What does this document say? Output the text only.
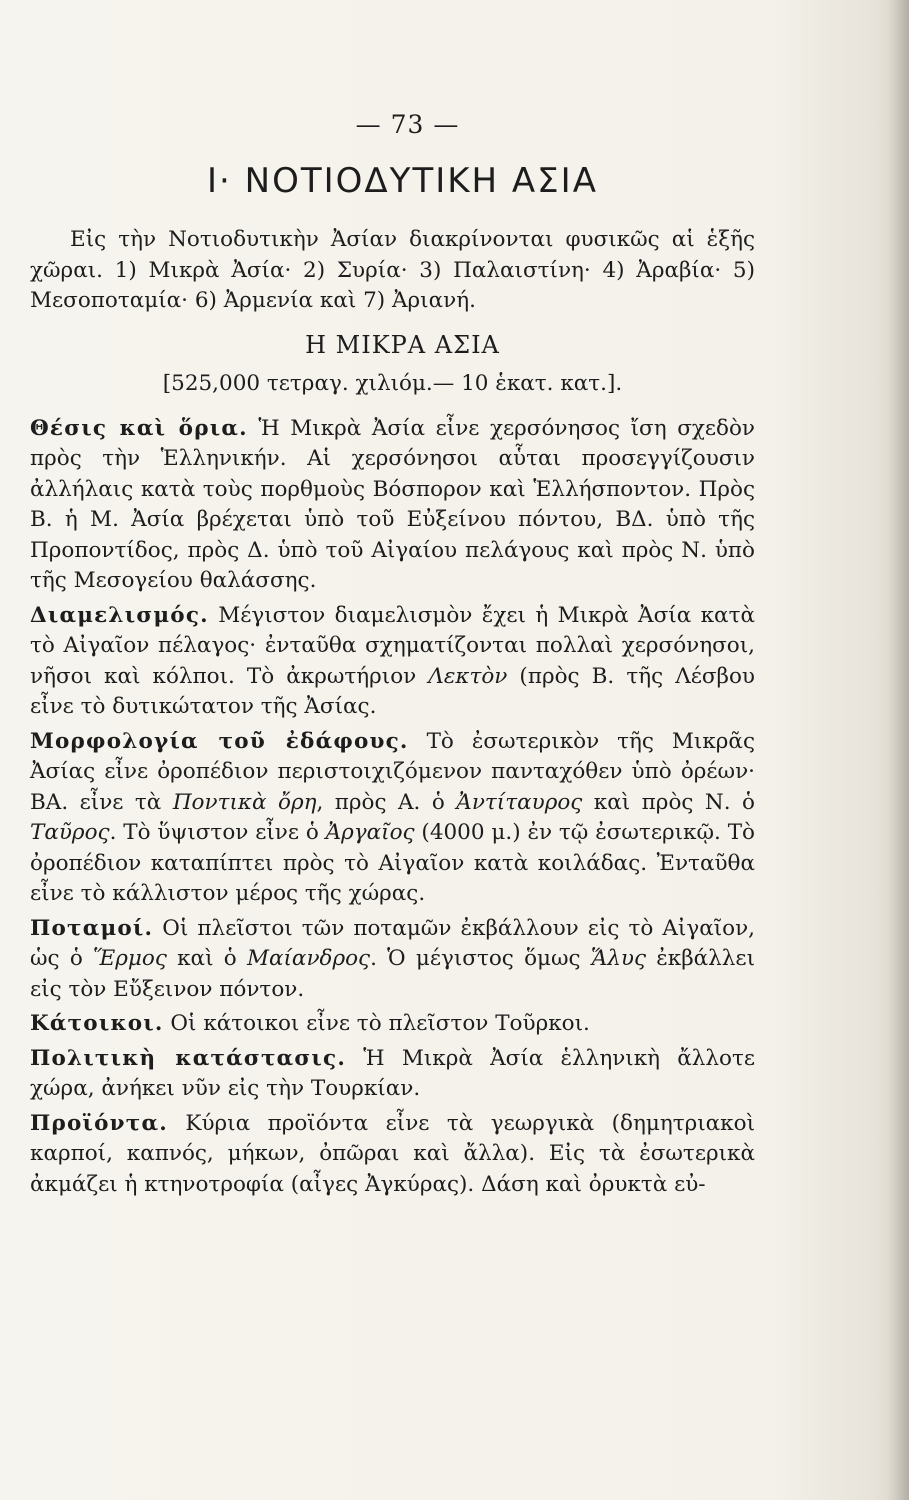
— 73 —
I· ΝΟΤΙΟΔΥΤΙΚΗ ΑΣΙΑ

Εἰς τὴν Νοτιοδυτικὴν Ἀσίαν διακρίνονται φυσικῶς αἱ ἑξῆς χῶραι. 1) Μικρὰ Ἀσία· 2) Συρία· 3) Παλαιστίνη· 4) Ἀραβία· 5) Μεσοποταμία· 6) Ἀρμενία καὶ 7) Ἀριανή.

Η ΜΙΚΡΑ ΑΣΙΑ
[525,000 τετραγ. χιλιόμ.— 10 ἑκατ. κατ.].

Θέσις καὶ ὅρια. Ἡ Μικρὰ Ἀσία εἶνε χερσόνησος ἴση σχεδὸν πρὸς τὴν Ἑλληνικήν. Αἱ χερσόνησοι αὗται προσεγγίζουσιν ἀλλήλαις κατὰ τοὺς πορθμοὺς Βόσπορον καὶ Ἑλλήσποντον. Πρὸς Β. ἡ Μ. Ἀσία βρέχεται ὑπὸ τοῦ Εὐξείνου πόντου, ΒΔ. ὑπὸ τῆς Προποντίδος, πρὸς Δ. ὑπὸ τοῦ Αἰγαίου πελάγους καὶ πρὸς Ν. ὑπὸ τῆς Μεσογείου θαλάσσης.

Διαμελισμός. Μέγιστον διαμελισμὸν ἔχει ἡ Μικρὰ Ἀσία κατὰ τὸ Αἰγαῖον πέλαγος· ἐνταῦθα σχηματίζονται πολλαὶ χερσόνησοι, νῆσοι καὶ κόλποι. Τὸ ἀκρωτήριον Λεκτὸν (πρὸς Β. τῆς Λέσβου εἶνε τὸ δυτικώτατον τῆς Ἀσίας.

Μορφολογία τοῦ ἐδάφους. Τὸ ἐσωτερικὸν τῆς Μικρᾶς Ἀσίας εἶνε ὀροπέδιον περιστοιχιζόμενον πανταχόθεν ὑπὸ ὀρέων· ΒΑ. εἶνε τὰ Ποντικὰ ὄρη, πρὸς Α. ὁ Ἀντίταυρος καὶ πρὸς Ν. ὁ Ταῦρος. Τὸ ὕψιστον εἶνε ὁ Ἀργαῖος (4000 μ.) ἐν τῷ ἐσωτερικῷ. Τὸ ὀροπέδιον καταπίπτει πρὸς τὸ Αἰγαῖον κατὰ κοιλάδας. Ἐνταῦθα εἶνε τὸ κάλλιστον μέρος τῆς χώρας.

Ποταμοί. Οἱ πλεῖστοι τῶν ποταμῶν ἐκβάλλουν εἰς τὸ Αἰγαῖον, ὡς ὁ Ἕρμος καὶ ὁ Μαίανδρος. Ὁ μέγιστος ὅμως Ἅλυς ἐκβάλλει εἰς τὸν Εὔξεινον πόντον.

Κάτοικοι. Οἱ κάτοικοι εἶνε τὸ πλεῖστον Τοῦρκοι.

Πολιτικὴ κατάστασις. Ἡ Μικρὰ Ἀσία ἑλληνικὴ ἄλλοτε χώρα, ἀνήκει νῦν εἰς τὴν Τουρκίαν.

Προϊόντα. Κύρια προϊόντα εἶνε τὰ γεωργικὰ (δημητριακοὶ καρποί, καπνός, μήκων, ὀπῶραι καὶ ἄλλα). Εἰς τὰ ἐσωτερικὰ ἀκμάζει ἡ κτηνοτροφία (αἶγες Ἀγκύρας). Δάση καὶ ὀρυκτὰ εὐ-
